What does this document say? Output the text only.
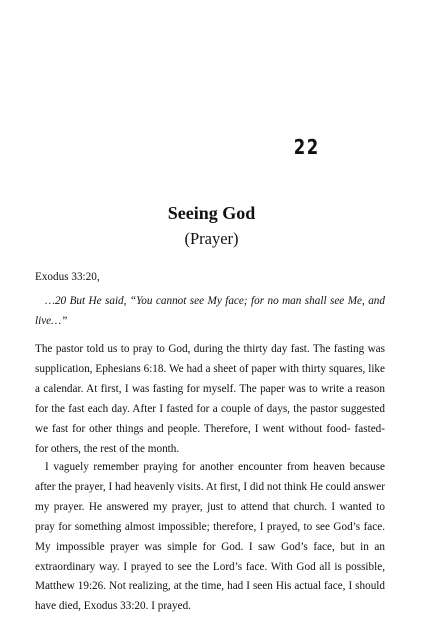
22
Seeing God
(Prayer)
Exodus 33:20,

…20 But He said, “You cannot see My face; for no man shall see Me, and live…”

The pastor told us to pray to God, during the thirty day fast. The fasting was supplication, Ephesians 6:18. We had a sheet of paper with thirty squares, like a calendar. At first, I was fasting for myself. The paper was to write a reason for the fast each day. After I fasted for a couple of days, the pastor suggested we fast for other things and people. Therefore, I went without food- fasted- for others, the rest of the month.

I vaguely remember praying for another encounter from heaven because after the prayer, I had heavenly visits. At first, I did not think He could answer my prayer. He answered my prayer, just to attend that church. I wanted to pray for something almost impossible; therefore, I prayed, to see God’s face. My impossible prayer was simple for God. I saw God’s face, but in an extraordinary way. I prayed to see the Lord’s face. With God all is possible, Matthew 19:26. Not realizing, at the time, had I seen His actual face, I should have died, Exodus 33:20. I prayed.
